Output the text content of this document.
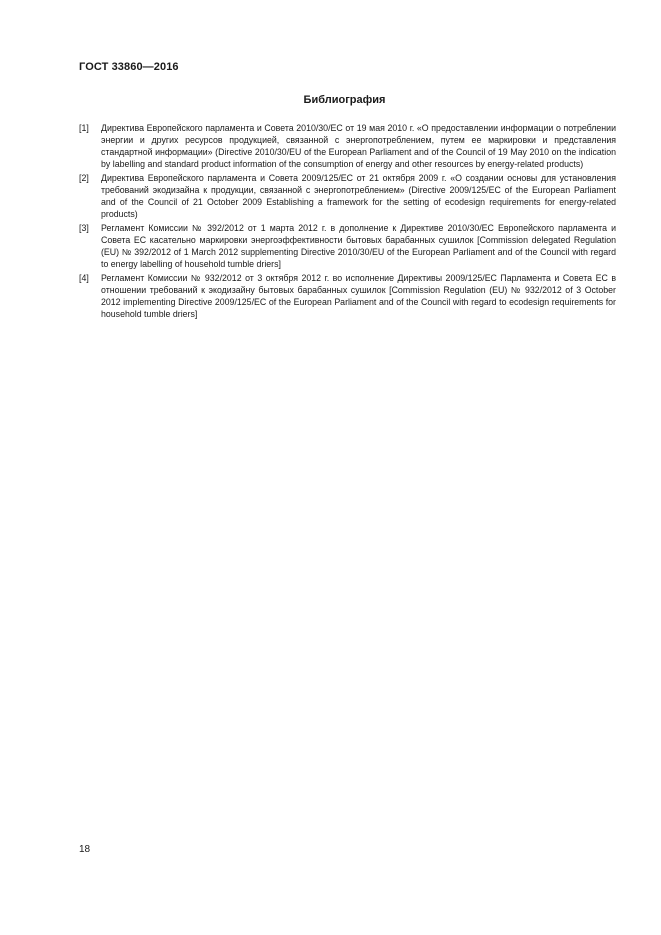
ГОСТ 33860—2016
Библиография
[1]	Директива Европейского парламента и Совета 2010/30/ЕС от 19 мая 2010 г. «О предоставлении информации о потреблении энергии и других ресурсов продукцией, связанной с энергопотреблением, путем ее маркировки и представления стандартной информации» (Directive 2010/30/EU of the European Parliament and of the Council of 19 May 2010 on the indication by labelling and standard product information of the consumption of energy and other resources by energy-related products)
[2]	Директива Европейского парламента и Совета 2009/125/ЕС от 21 октября 2009 г. «О создании основы для установления требований экодизайна к продукции, связанной с энергопотреблением» (Directive 2009/125/EC of the European Parliament and of the Council of 21 October 2009 Establishing a framework for the setting of ecodesign requirements for energy-related products)
[3]	Регламент Комиссии № 392/2012 от 1 марта 2012 г. в дополнение к Директиве 2010/30/ЕС Европейского парламента и Совета ЕС касательно маркировки энергоэффективности бытовых барабанных сушилок [Commission delegated Regulation (EU) № 392/2012 of 1 March 2012 supplementing Directive 2010/30/EU of the European Parliament and of the Council with regard to energy labelling of household tumble driers]
[4]	Регламент Комиссии № 932/2012 от 3 октября 2012 г. во исполнение Директивы 2009/125/ЕС Парламента и Совета ЕС в отношении требований к экодизайну бытовых барабанных сушилок [Commission Regulation (EU) № 932/2012 of 3 October 2012 implementing Directive 2009/125/EC of the European Parliament and of the Council with regard to ecodesign requirements for household tumble driers]
18
